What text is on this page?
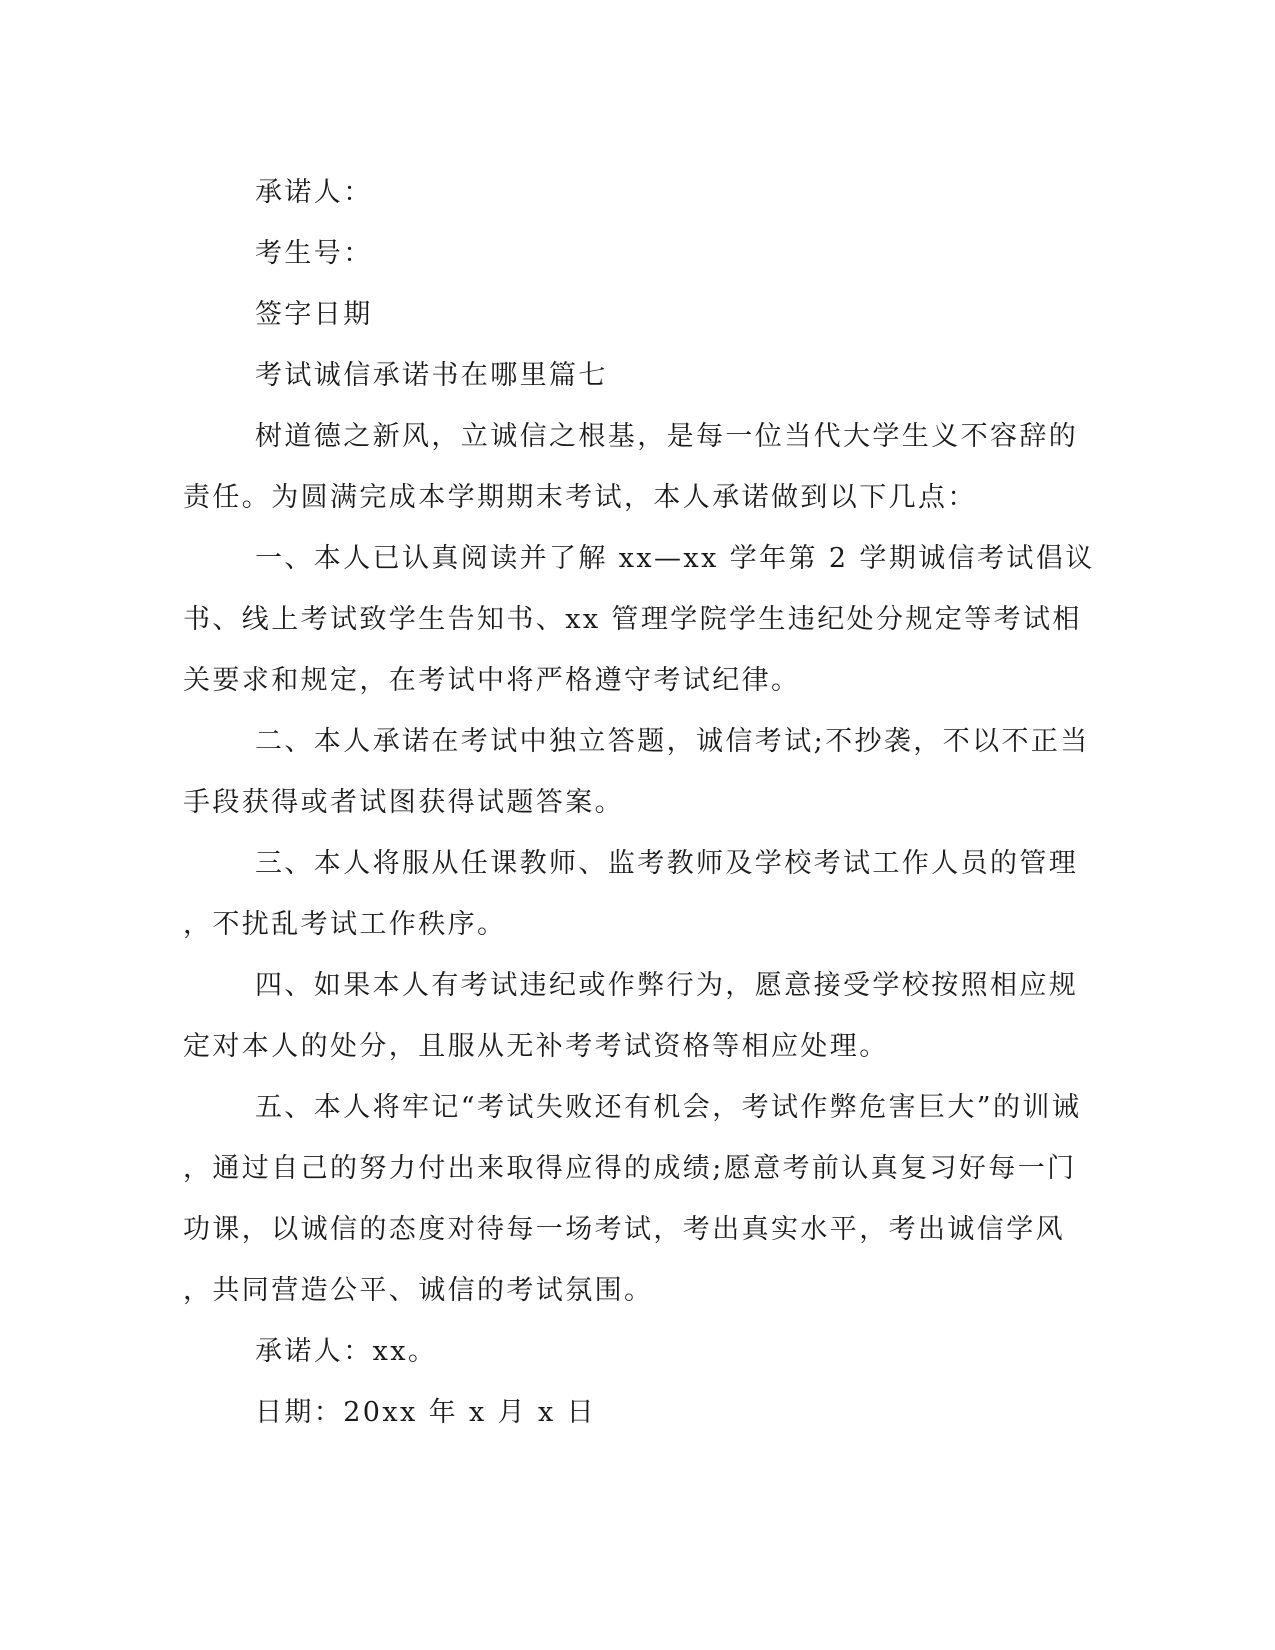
承诺人：
考生号：
签字日期
考试诚信承诺书在哪里篇七
树道德之新风，立诚信之根基，是每一位当代大学生义不容辞的
责任。为圆满完成本学期期末考试，本人承诺做到以下几点：
一、本人已认真阅读并了解 xx—xx 学年第 2 学期诚信考试倡议
书、线上考试致学生告知书、xx 管理学院学生违纪处分规定等考试相
关要求和规定，在考试中将严格遵守考试纪律。
二、本人承诺在考试中独立答题，诚信考试;不抄袭，不以不正当
手段获得或者试图获得试题答案。
三、本人将服从任课教师、监考教师及学校考试工作人员的管理
，不扰乱考试工作秩序。
四、如果本人有考试违纪或作弊行为，愿意接受学校按照相应规
定对本人的处分，且服从无补考考试资格等相应处理。
五、本人将牢记“考试失败还有机会，考试作弊危害巨大”的训诫
，通过自己的努力付出来取得应得的成绩;愿意考前认真复习好每一门
功课，以诚信的态度对待每一场考试，考出真实水平，考出诚信学风
，共同营造公平、诚信的考试氛围。
承诺人：xx。
日期：20xx 年 x 月 x 日
